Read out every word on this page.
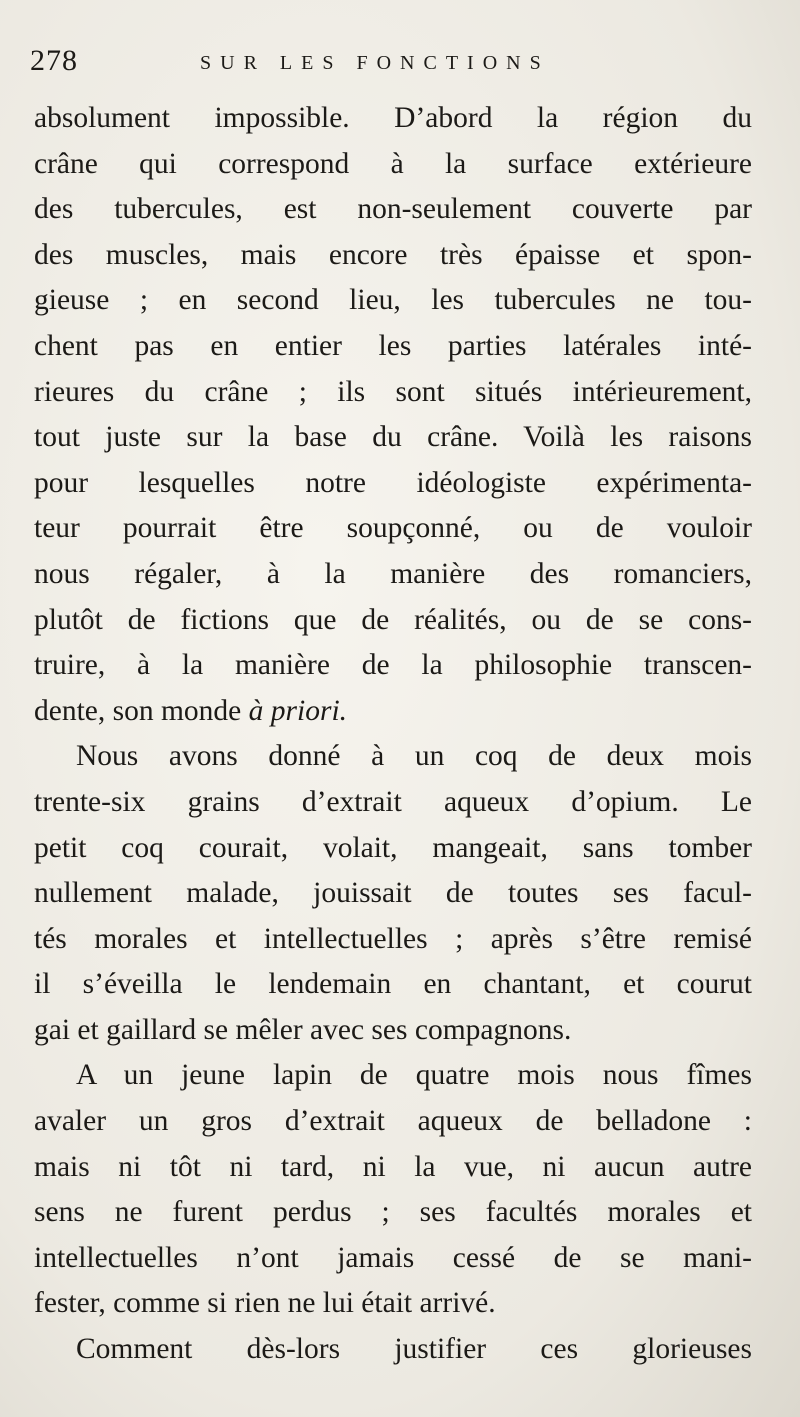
278	SUR LES FONCTIONS
absolument impossible. D’abord la région du
crâne qui correspond à la surface extérieure
des tubercules, est non-seulement couverte par
des muscles, mais encore très épaisse et spon-
gieuse ; en second lieu, les tubercules ne tou-
chent pas en entier les parties latérales inté-
rieures du crâne ; ils sont situés intérieurement,
tout juste sur la base du crâne. Voilà les raisons
pour lesquelles notre idéologiste expérimenta-
teur pourrait être soupçonné, ou de vouloir
nous régaler, à la manière des romanciers,
plutôt de fictions que de réalités, ou de se cons-
truire, à la manière de la philosophie transcen-
dente, son monde à priori.
Nous avons donné à un coq de deux mois
trente-six grains d’extrait aqueux d’opium. Le
petit coq courait, volait, mangeait, sans tomber
nullement malade, jouissait de toutes ses facul-
tés morales et intellectuelles ; après s’être remisé
il s’éveilla le lendemain en chantant, et courut
gai et gaillard se mêler avec ses compagnons.
A un jeune lapin de quatre mois nous fîmes
avaler un gros d’extrait aqueux de belladone :
mais ni tôt ni tard, ni la vue, ni aucun autre
sens ne furent perdus ; ses facultés morales et
intellectuelles n’ont jamais cessé de se mani-
fester, comme si rien ne lui était arrivé.
Comment dès-lors justifier ces glorieuses
